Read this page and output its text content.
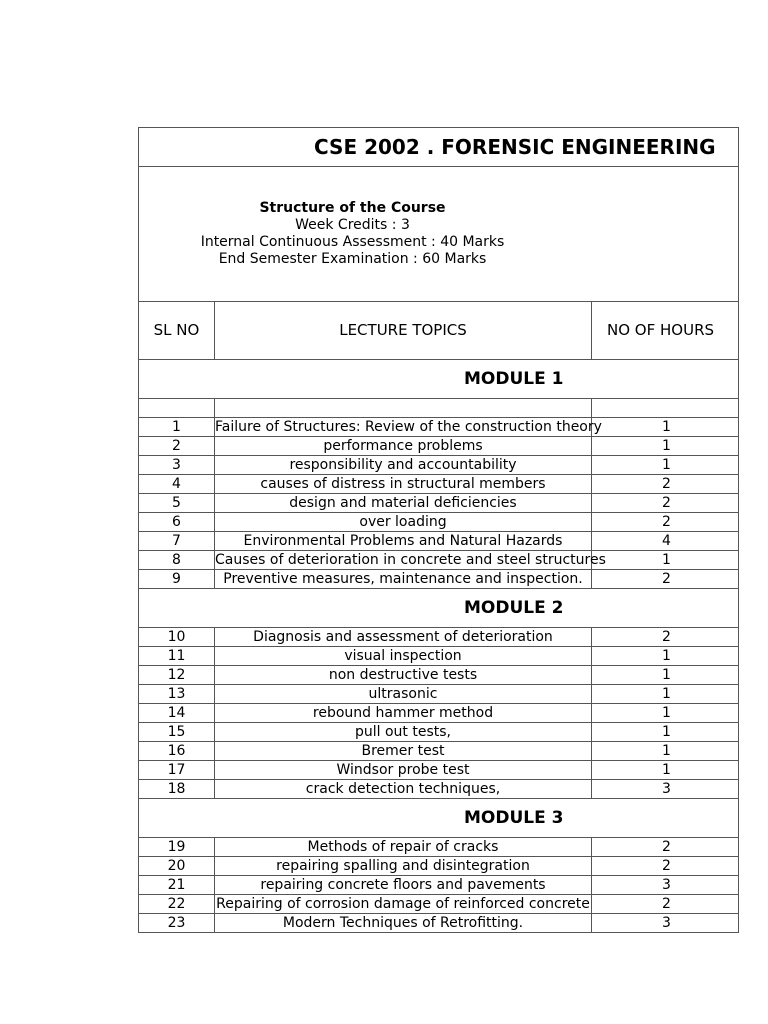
CSE 2002 . FORENSIC ENGINEERING		

Structure of the Course
Week Credits : 3
Internal Continuous Assessment : 40 Marks
End Semester Examination : 60 Marks		

SL NO	LECTURE TOPICS	NO OF HOURS
MODULE 1		

1	Failure of Structures: Review of the construction theory	1
2	performance problems	1
3	responsibility and accountability	1
4	causes of distress in structural members	2
5	design and material deficiencies	2
6	over loading	2
7	Environmental Problems and Natural Hazards	4
8	Causes of deterioration in concrete and steel structures	1
9	Preventive measures, maintenance and inspection.	2
MODULE 2		
10	Diagnosis and assessment of deterioration	2
11	visual inspection	1
12	non destructive tests	1
13	ultrasonic	1
14	rebound hammer method	1
15	pull out tests,	1
16	Bremer test	1
17	Windsor probe test	1
18	crack detection techniques,	3
MODULE 3		
19	Methods of repair of cracks	2
20	repairing spalling and disintegration	2
21	repairing concrete floors and pavements	3
22	Repairing of corrosion damage of reinforced concrete	2
23	Modern Techniques of Retrofitting.	3
